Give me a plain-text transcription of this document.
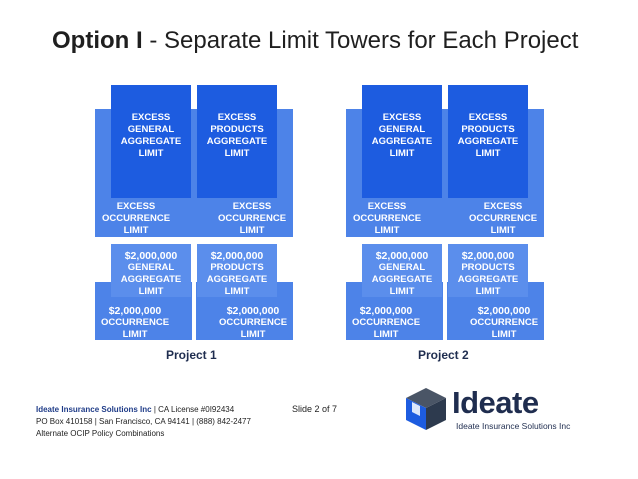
Option I - Separate Limit Towers for Each Project
EXCESS
GENERAL
AGGREGATE
LIMIT
EXCESS
PRODUCTS
AGGREGATE
LIMIT
EXCESS
OCCURRENCE
LIMIT
EXCESS
OCCURRENCE
LIMIT
$2,000,000
GENERAL
AGGREGATE
LIMIT
$2,000,000
PRODUCTS
AGGREGATE
LIMIT
$2,000,000
OCCURRENCE
LIMIT
$2,000,000
OCCURRENCE
LIMIT
Project 1
EXCESS
GENERAL
AGGREGATE
LIMIT
EXCESS
PRODUCTS
AGGREGATE
LIMIT
EXCESS
OCCURRENCE
LIMIT
EXCESS
OCCURRENCE
LIMIT
$2,000,000
GENERAL
AGGREGATE
LIMIT
$2,000,000
PRODUCTS
AGGREGATE
LIMIT
$2,000,000
OCCURRENCE
LIMIT
$2,000,000
OCCURRENCE
LIMIT
Project 2
Ideate Insurance Solutions Inc | CA License #0I92434
PO Box 410158 | San Francisco, CA 94141 | (888) 842-2477
Alternate OCIP Policy Combinations
Slide 2 of 7	Ideate
Ideate Insurance Solutions Inc
